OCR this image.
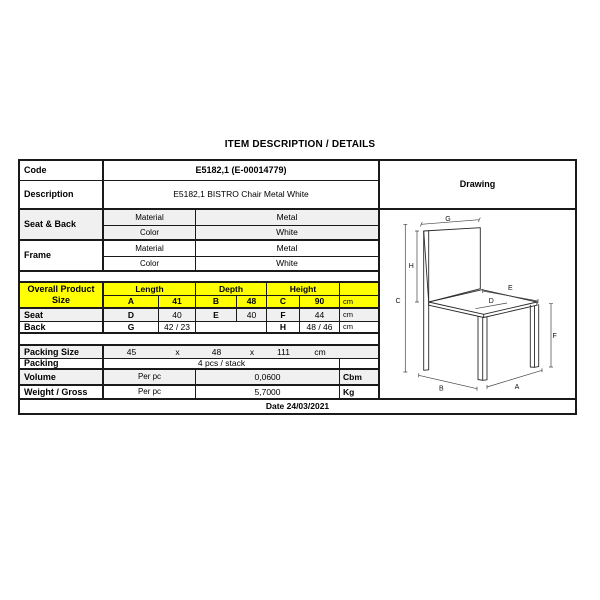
ITEM DESCRIPTION / DETAILS
Code	E5182,1 (E-00014779)
Drawing
Description	E5182,1 BISTRO Chair Metal White
Seat & Back
Material	Metal
Color	White
Frame
Material	Metal
Color	White
Overall Product
Size
Length	Depth	Height
A	41	B	48	C	90	cm
Seat	D	40	E	40	F	44	cm
Back	G	42 / 23	H	48 / 46	cm
Packing Size	45	x	48	x	111	cm
Packing	4 pcs / stack
Volume	Per pc	0,0600	Cbm
Weight / Gross	Per pc	5,7000	Kg
Date 24/03/2021
G
H
C
E
D
F
B	A
